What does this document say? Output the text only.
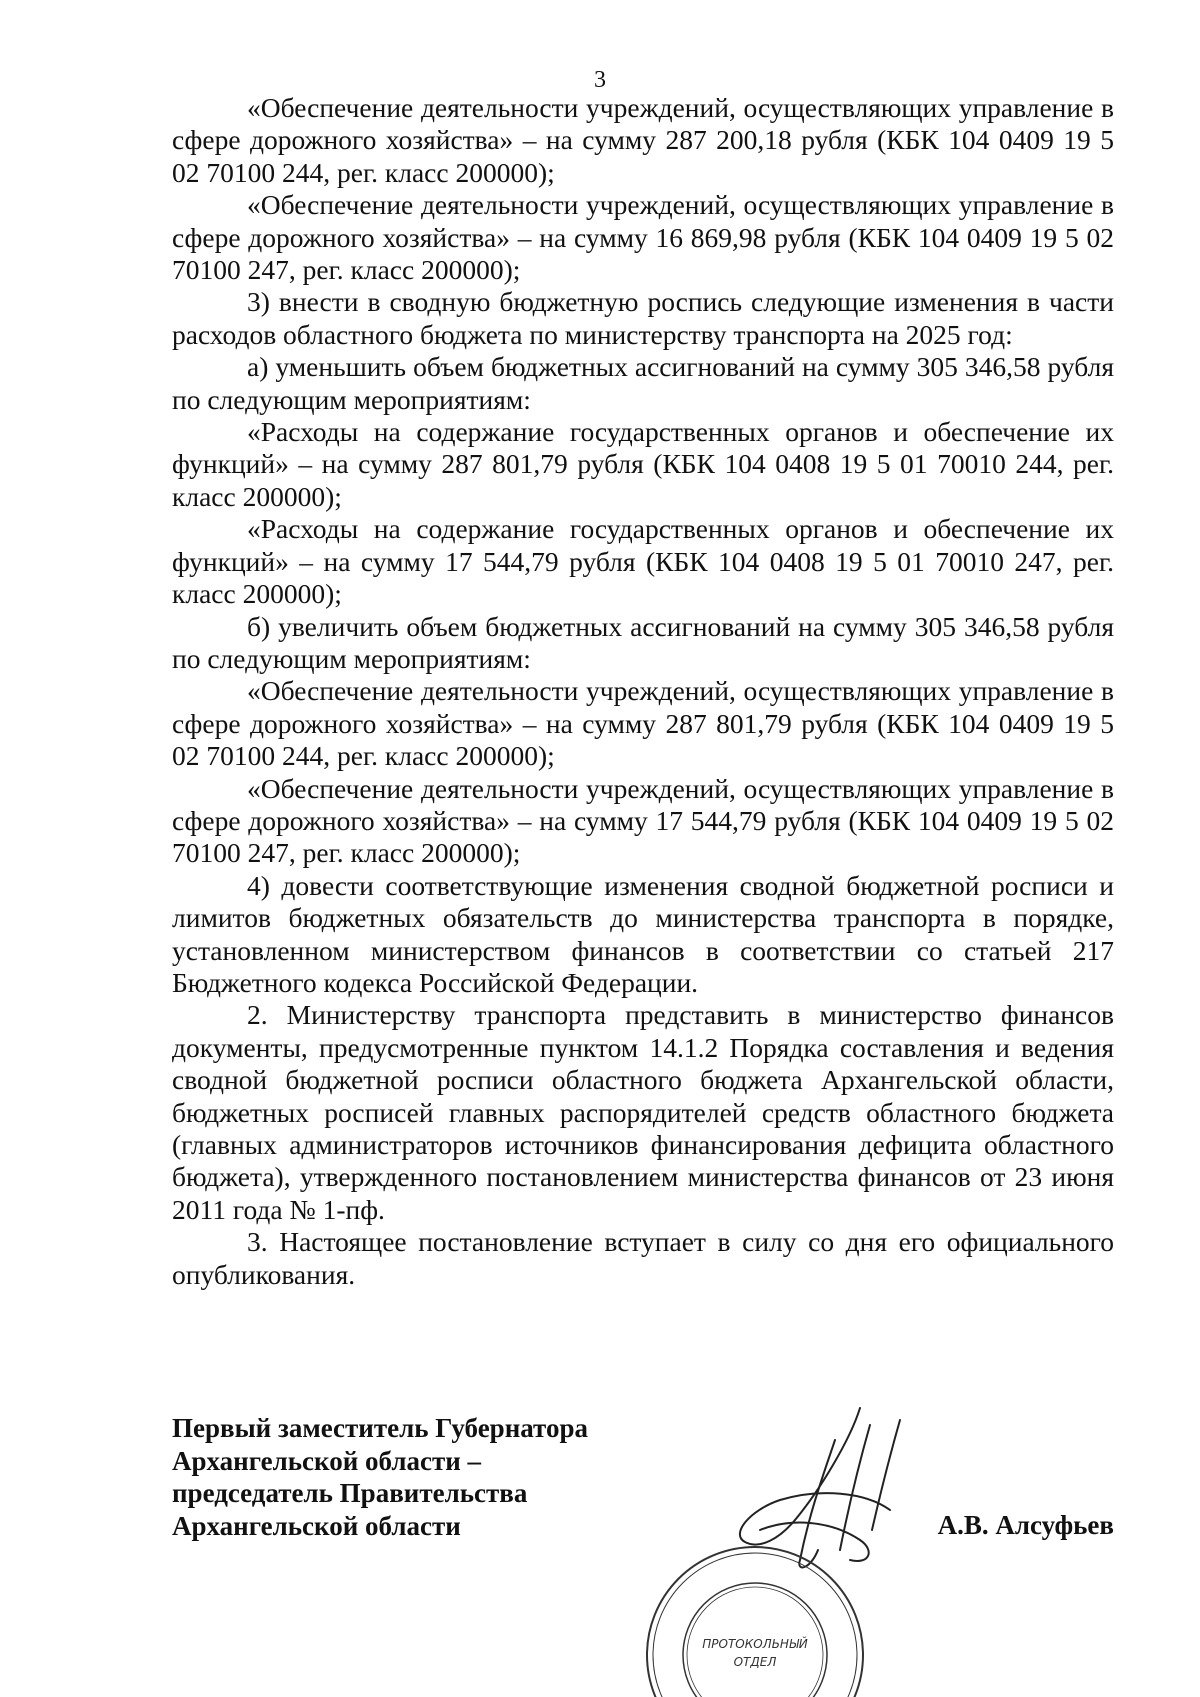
3

«Обеспечение деятельности учреждений, осуществляющих управление в сфере дорожного хозяйства» – на сумму 287 200,18 рубля (КБК 104 0409 19 5 02 70100 244, рег. класс 200000);

«Обеспечение деятельности учреждений, осуществляющих управление в сфере дорожного хозяйства» – на сумму 16 869,98 рубля (КБК 104 0409 19 5 02 70100 247, рег. класс 200000);

3) внести в сводную бюджетную роспись следующие изменения в части расходов областного бюджета по министерству транспорта на 2025 год:

а) уменьшить объем бюджетных ассигнований на сумму 305 346,58 рубля по следующим мероприятиям:

«Расходы на содержание государственных органов и обеспечение их функций» – на сумму 287 801,79 рубля (КБК 104 0408 19 5 01 70010 244, рег. класс 200000);

«Расходы на содержание государственных органов и обеспечение их функций» – на сумму 17 544,79 рубля (КБК 104 0408 19 5 01 70010 247, рег. класс 200000);

б) увеличить объем бюджетных ассигнований на сумму 305 346,58 рубля по следующим мероприятиям:

«Обеспечение деятельности учреждений, осуществляющих управление в сфере дорожного хозяйства» – на сумму 287 801,79 рубля (КБК 104 0409 19 5 02 70100 244, рег. класс 200000);

«Обеспечение деятельности учреждений, осуществляющих управление в сфере дорожного хозяйства» – на сумму 17 544,79 рубля (КБК 104 0409 19 5 02 70100 247, рег. класс 200000);

4) довести соответствующие изменения сводной бюджетной росписи и лимитов бюджетных обязательств до министерства транспорта в порядке, установленном министерством финансов в соответствии со статьей 217 Бюджетного кодекса Российской Федерации.

2. Министерству транспорта представить в министерство финансов документы, предусмотренные пунктом 14.1.2 Порядка составления и ведения сводной бюджетной росписи областного бюджета Архангельской области, бюджетных росписей главных распорядителей средств областного бюджета (главных администраторов источников финансирования дефицита областного бюджета), утвержденного постановлением министерства финансов от 23 июня 2011 года № 1-пф.

3. Настоящее постановление вступает в силу со дня его официального опубликования.

Первый заместитель Губернатора
Архангельской области –
председатель Правительства
Архангельской области	А.В. Алсуфьев
ПРОТОКОЛЬНЫЙ
ОТДЕЛ
